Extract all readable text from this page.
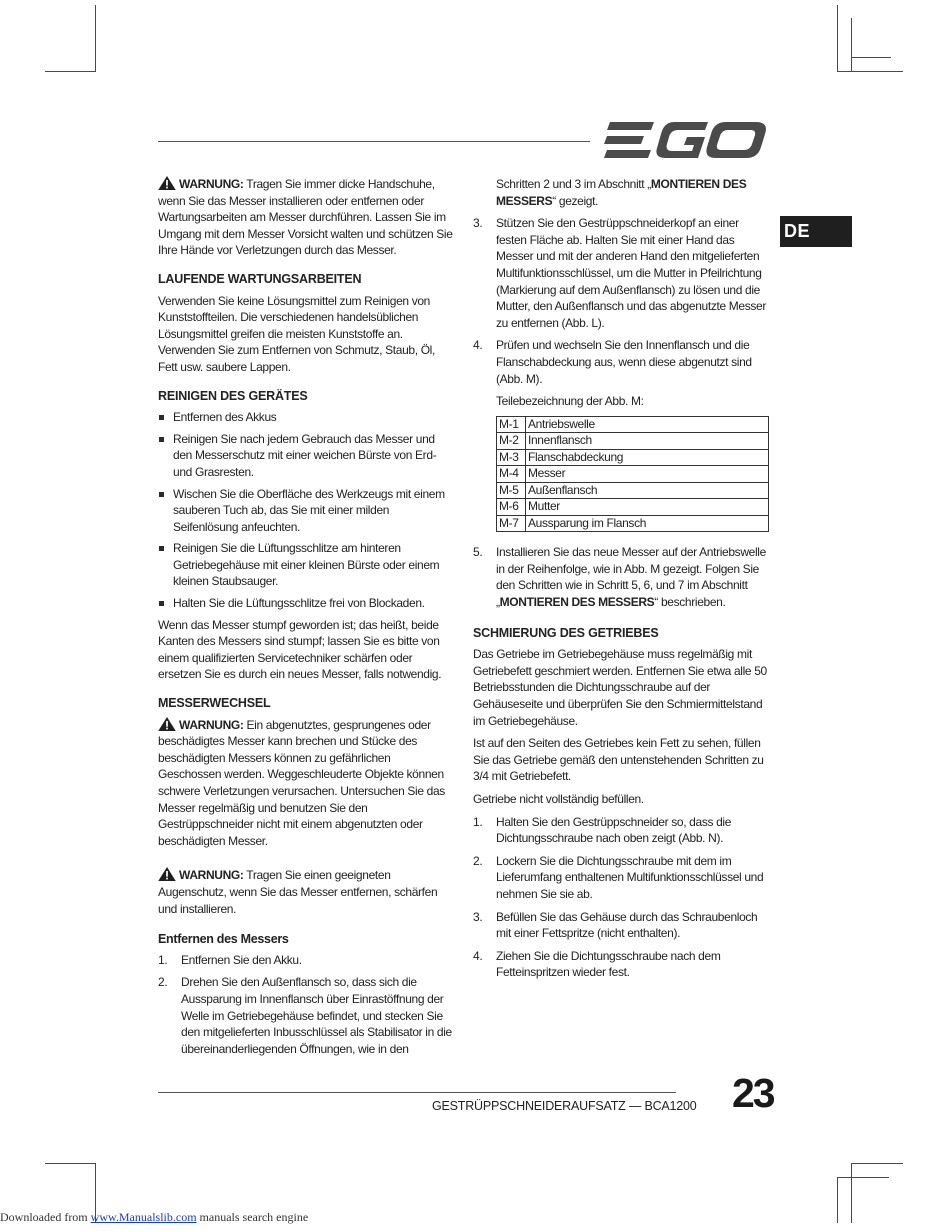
DE

WARNUNG: Tragen Sie immer dicke Handschuhe, wenn Sie das Messer installieren oder entfernen oder Wartungsarbeiten am Messer durchführen. Lassen Sie im Umgang mit dem Messer Vorsicht walten und schützen Sie Ihre Hände vor Verletzungen durch das Messer.

LAUFENDE WARTUNGSARBEITEN

Verwenden Sie keine Lösungsmittel zum Reinigen von Kunststoffteilen. Die verschiedenen handelsüblichen Lösungsmittel greifen die meisten Kunststoffe an. Verwenden Sie zum Entfernen von Schmutz, Staub, Öl, Fett usw. saubere Lappen.

REINIGEN DES GERÄTES
Entfernen des Akkus
Reinigen Sie nach jedem Gebrauch das Messer und den Messerschutz mit einer weichen Bürste von Erd- und Grasresten.
Wischen Sie die Oberfläche des Werkzeugs mit einem sauberen Tuch ab, das Sie mit einer milden Seifenlösung anfeuchten.
Reinigen Sie die Lüftungsschlitze am hinteren Getriebegehäuse mit einer kleinen Bürste oder einem kleinen Staubsauger.
Halten Sie die Lüftungsschlitze frei von Blockaden.

Wenn das Messer stumpf geworden ist; das heißt, beide Kanten des Messers sind stumpf; lassen Sie es bitte von einem qualifizierten Servicetechniker schärfen oder ersetzen Sie es durch ein neues Messer, falls notwendig.

MESSERWECHSEL

WARNUNG: Ein abgenutztes, gesprungenes oder beschädigtes Messer kann brechen und Stücke des beschädigten Messers können zu gefährlichen Geschossen werden. Weggeschleuderte Objekte können schwere Verletzungen verursachen. Untersuchen Sie das Messer regelmäßig und benutzen Sie den Gestrüppschneider nicht mit einem abgenutzten oder beschädigten Messer.

WARNUNG: Tragen Sie einen geeigneten Augenschutz, wenn Sie das Messer entfernen, schärfen und installieren.

Entfernen des Messers
1. Entfernen Sie den Akku.
2. Drehen Sie den Außenflansch so, dass sich die Aussparung im Innenflansch über Einrastöffnung der Welle im Getriebegehäuse befindet, und stecken Sie den mitgelieferten Inbusschlüssel als Stabilisator in die übereinanderliegenden Öffnungen, wie in den

Schritten 2 und 3 im Abschnitt „MONTIEREN DES MESSERS“ gezeigt.

3. Stützen Sie den Gestrüppschneiderkopf an einer festen Fläche ab. Halten Sie mit einer Hand das Messer und mit der anderen Hand den mitgelieferten Multifunktionsschlüssel, um die Mutter in Pfeilrichtung (Markierung auf dem Außenflansch) zu lösen und die Mutter, den Außenflansch und das abgenutzte Messer zu entfernen (Abb. L).
4. Prüfen und wechseln Sie den Innenflansch und die Flanschabdeckung aus, wenn diese abgenutzt sind (Abb. M).

Teilebezeichnung der Abb. M:

M-1	Antriebswelle
M-2	Innenflansch
M-3	Flanschabdeckung
M-4	Messer
M-5	Außenflansch
M-6	Mutter
M-7	Aussparung im Flansch
5. Installieren Sie das neue Messer auf der Antriebswelle in der Reihenfolge, wie in Abb. M gezeigt. Folgen Sie den Schritten wie in Schritt 5, 6, und 7 im Abschnitt „MONTIEREN DES MESSERS“ beschrieben.
SCHMIERUNG DES GETRIEBES

Das Getriebe im Getriebegehäuse muss regelmäßig mit Getriebefett geschmiert werden. Entfernen Sie etwa alle 50 Betriebsstunden die Dichtungsschraube auf der Gehäuseseite und überprüfen Sie den Schmiermittelstand im Getriebegehäuse.

Ist auf den Seiten des Getriebes kein Fett zu sehen, füllen Sie das Getriebe gemäß den untenstehenden Schritten zu 3/4 mit Getriebefett.

Getriebe nicht vollständig befüllen.

1. Halten Sie den Gestrüppschneider so, dass die Dichtungsschraube nach oben zeigt (Abb. N).
2. Lockern Sie die Dichtungsschraube mit dem im Lieferumfang enthaltenen Multifunktionsschlüssel und nehmen Sie sie ab.
3. Befüllen Sie das Gehäuse durch das Schraubenloch mit einer Fettspritze (nicht enthalten).
4. Ziehen Sie die Dichtungsschraube nach dem Fetteinspritzen wieder fest.
GESTRÜPPSCHNEIDERAUFSATZ — BCA1200 23
Downloaded from www.Manualslib.com manuals search engine
